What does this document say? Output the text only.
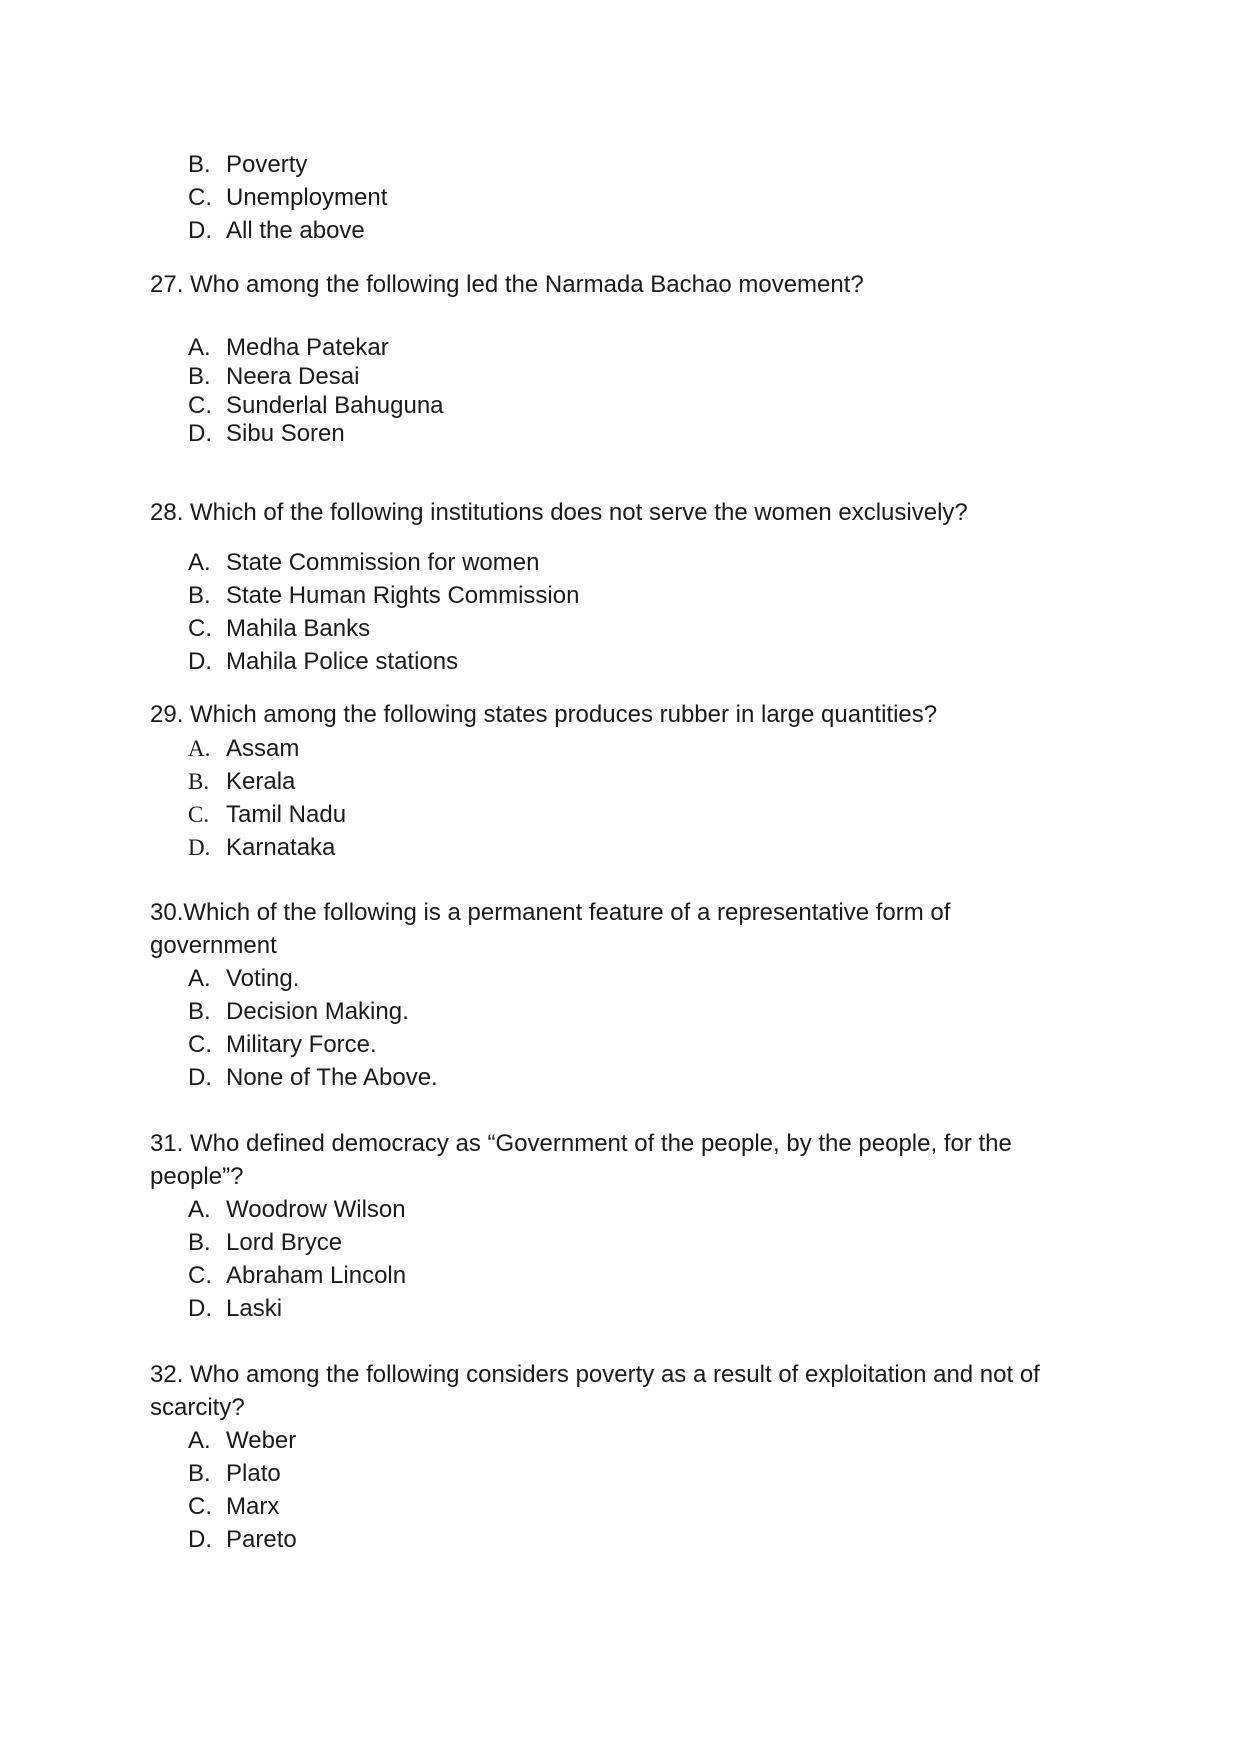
B. Poverty
C. Unemployment
D. All the above
27. Who among the following led the Narmada Bachao movement?
A. Medha Patekar
B. Neera Desai
C. Sunderlal Bahuguna
D. Sibu Soren
28. Which of the following institutions does not serve the women exclusively?
A. State Commission for women
B. State Human Rights Commission
C. Mahila Banks
D. Mahila Police stations
29. Which among the following states produces rubber in large quantities?
A. Assam
B. Kerala
C. Tamil Nadu
D. Karnataka
30.Which of the following is a permanent feature of a representative form of
government
A. Voting.
B. Decision Making.
C. Military Force.
D. None of The Above.
31. Who defined democracy as “Government of the people, by the people, for the
people”?
A. Woodrow Wilson
B. Lord Bryce
C. Abraham Lincoln
D. Laski
32. Who among the following considers poverty as a result of exploitation and not of
scarcity?
A. Weber
B. Plato
C. Marx
D. Pareto
